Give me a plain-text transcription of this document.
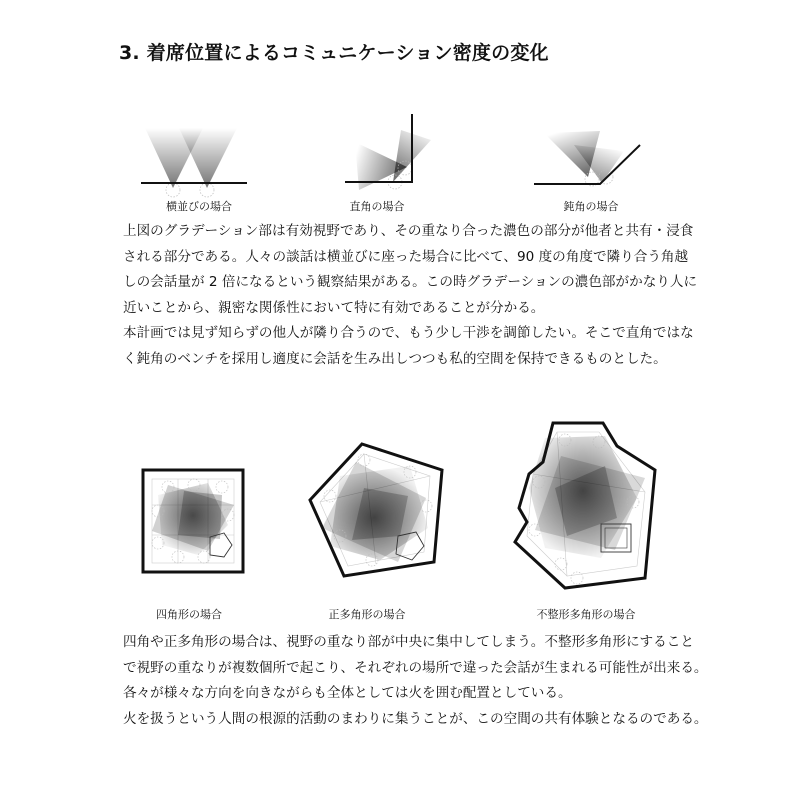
3. 着席位置によるコミュニケーション密度の変化
横並びの場合	直角の場合	鈍角の場合

上図のグラデーション部は有効視野であり、その重なり合った濃色の部分が他者と共有・浸食

される部分である。人々の談話は横並びに座った場合に比べて、90 度の角度で隣り合う角越

しの会話量が 2 倍になるという観察結果がある。この時グラデーションの濃色部がかなり人に

近いことから、親密な関係性において特に有効であることが分かる。

本計画では見ず知らずの他人が隣り合うので、もう少し干渉を調節したい。そこで直角ではな

く鈍角のベンチを採用し適度に会話を生み出しつつも私的空間を保持できるものとした。

四角形の場合	正多角形の場合	不整形多角形の場合

四角や正多角形の場合は、視野の重なり部が中央に集中してしまう。不整形多角形にすること

で視野の重なりが複数個所で起こり、それぞれの場所で違った会話が生まれる可能性が出来る。

各々が様々な方向を向きながらも全体としては火を囲む配置としている。

火を扱うという人間の根源的活動のまわりに集うことが、この空間の共有体験となるのである。
